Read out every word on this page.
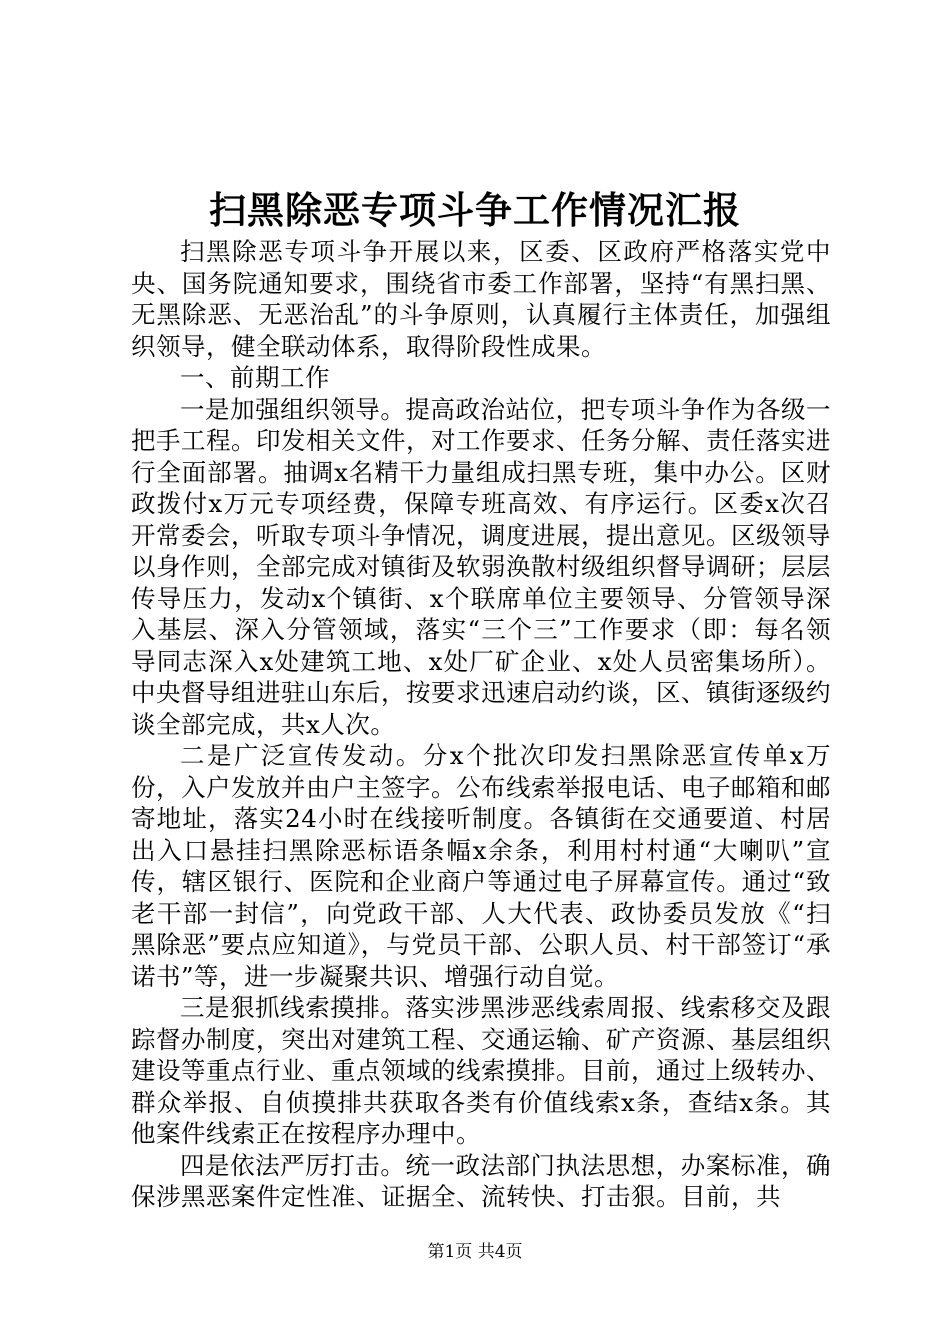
扫黑除恶专项斗争工作情况汇报

扫黑除恶专项斗争开展以来，区委、区政府严格落实党中央、国务院通知要求，围绕省市委工作部署，坚持“有黑扫黑、无黑除恶、无恶治乱”的斗争原则，认真履行主体责任，加强组织领导，健全联动体系，取得阶段性成果。

一、前期工作

一是加强组织领导。提高政治站位，把专项斗争作为各级一把手工程。印发相关文件，对工作要求、任务分解、责任落实进行全面部署。抽调x名精干力量组成扫黑专班，集中办公。区财政拨付x万元专项经费，保障专班高效、有序运行。区委x次召开常委会，听取专项斗争情况，调度进展，提出意见。区级领导以身作则，全部完成对镇街及软弱涣散村级组织督导调研；层层传导压力，发动x个镇街、x个联席单位主要领导、分管领导深入基层、深入分管领域，落实“三个三”工作要求（即：每名领导同志深入x处建筑工地、x处厂矿企业、x处人员密集场所）。中央督导组进驻山东后，按要求迅速启动约谈，区、镇街逐级约谈全部完成，共x人次。

二是广泛宣传发动。分x个批次印发扫黑除恶宣传单x万份，入户发放并由户主签字。公布线索举报电话、电子邮箱和邮寄地址，落实24小时在线接听制度。各镇街在交通要道、村居出入口悬挂扫黑除恶标语条幅x余条，利用村村通“大喇叭”宣传，辖区银行、医院和企业商户等通过电子屏幕宣传。通过“致老干部一封信”，向党政干部、人大代表、政协委员发放《“扫黑除恶”要点应知道》，与党员干部、公职人员、村干部签订“承诺书”等，进一步凝聚共识、增强行动自觉。

三是狠抓线索摸排。落实涉黑涉恶线索周报、线索移交及跟踪督办制度，突出对建筑工程、交通运输、矿产资源、基层组织建设等重点行业、重点领域的线索摸排。目前，通过上级转办、群众举报、自侦摸排共获取各类有价值线索x条，查结x条。其他案件线索正在按程序办理中。

四是依法严厉打击。统一政法部门执法思想，办案标准，确保涉黑恶案件定性准、证据全、流转快、打击狠。目前，共

第1页 共4页
